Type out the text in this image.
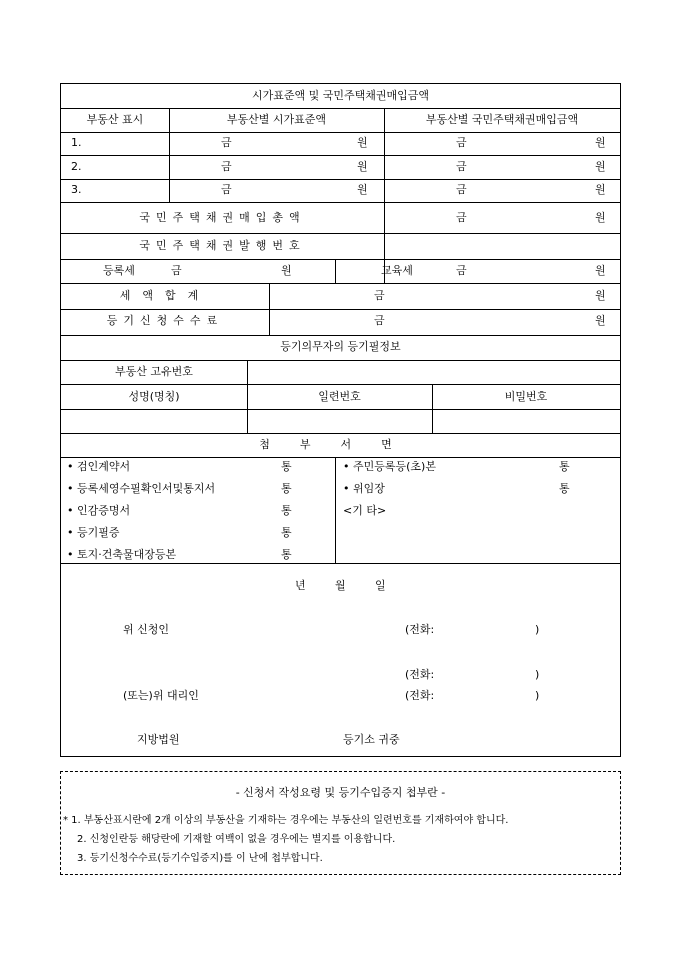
시가표준액 및 국민주택채권매입금액
부동산 표시	부동산별 시가표준액	부동산별 국민주택채권매입금액
1.	금	원	금	원
2.	금	원	금	원
3.	금	원	금	원
국민주택채권매입총액	금	원
국민주택채권발행번호
등록세	금	원	교육세	금	원
세액합계	금	원
등기신청수수료	금	원
등기의무자의 등기필정보
부동산 고유번호
성명(명칭)	일련번호	비밀번호
첨부서면
• 검인계약서	통
• 등록세영수필확인서및통지서	통
• 인감증명서	통
• 등기필증	통
• 토지·건축물대장등본	통
• 주민등록등(초)본	통
• 위임장	통
<기 타>
년	월	일
위 신청인	(전화:	)
(전화:	)
(또는)위 대리인	(전화:	)
지방법원	등기소 귀중
- 신청서 작성요령 및 등기수입증지 첩부란 -
* 1. 부동산표시란에 2개 이상의 부동산을 기재하는 경우에는 부동산의 일련번호를 기재하여야 합니다.
2. 신청인란등 해당란에 기재할 여백이 없을 경우에는 별지를 이용합니다.
3. 등기신청수수료(등기수입증지)를 이 난에 첩부합니다.
